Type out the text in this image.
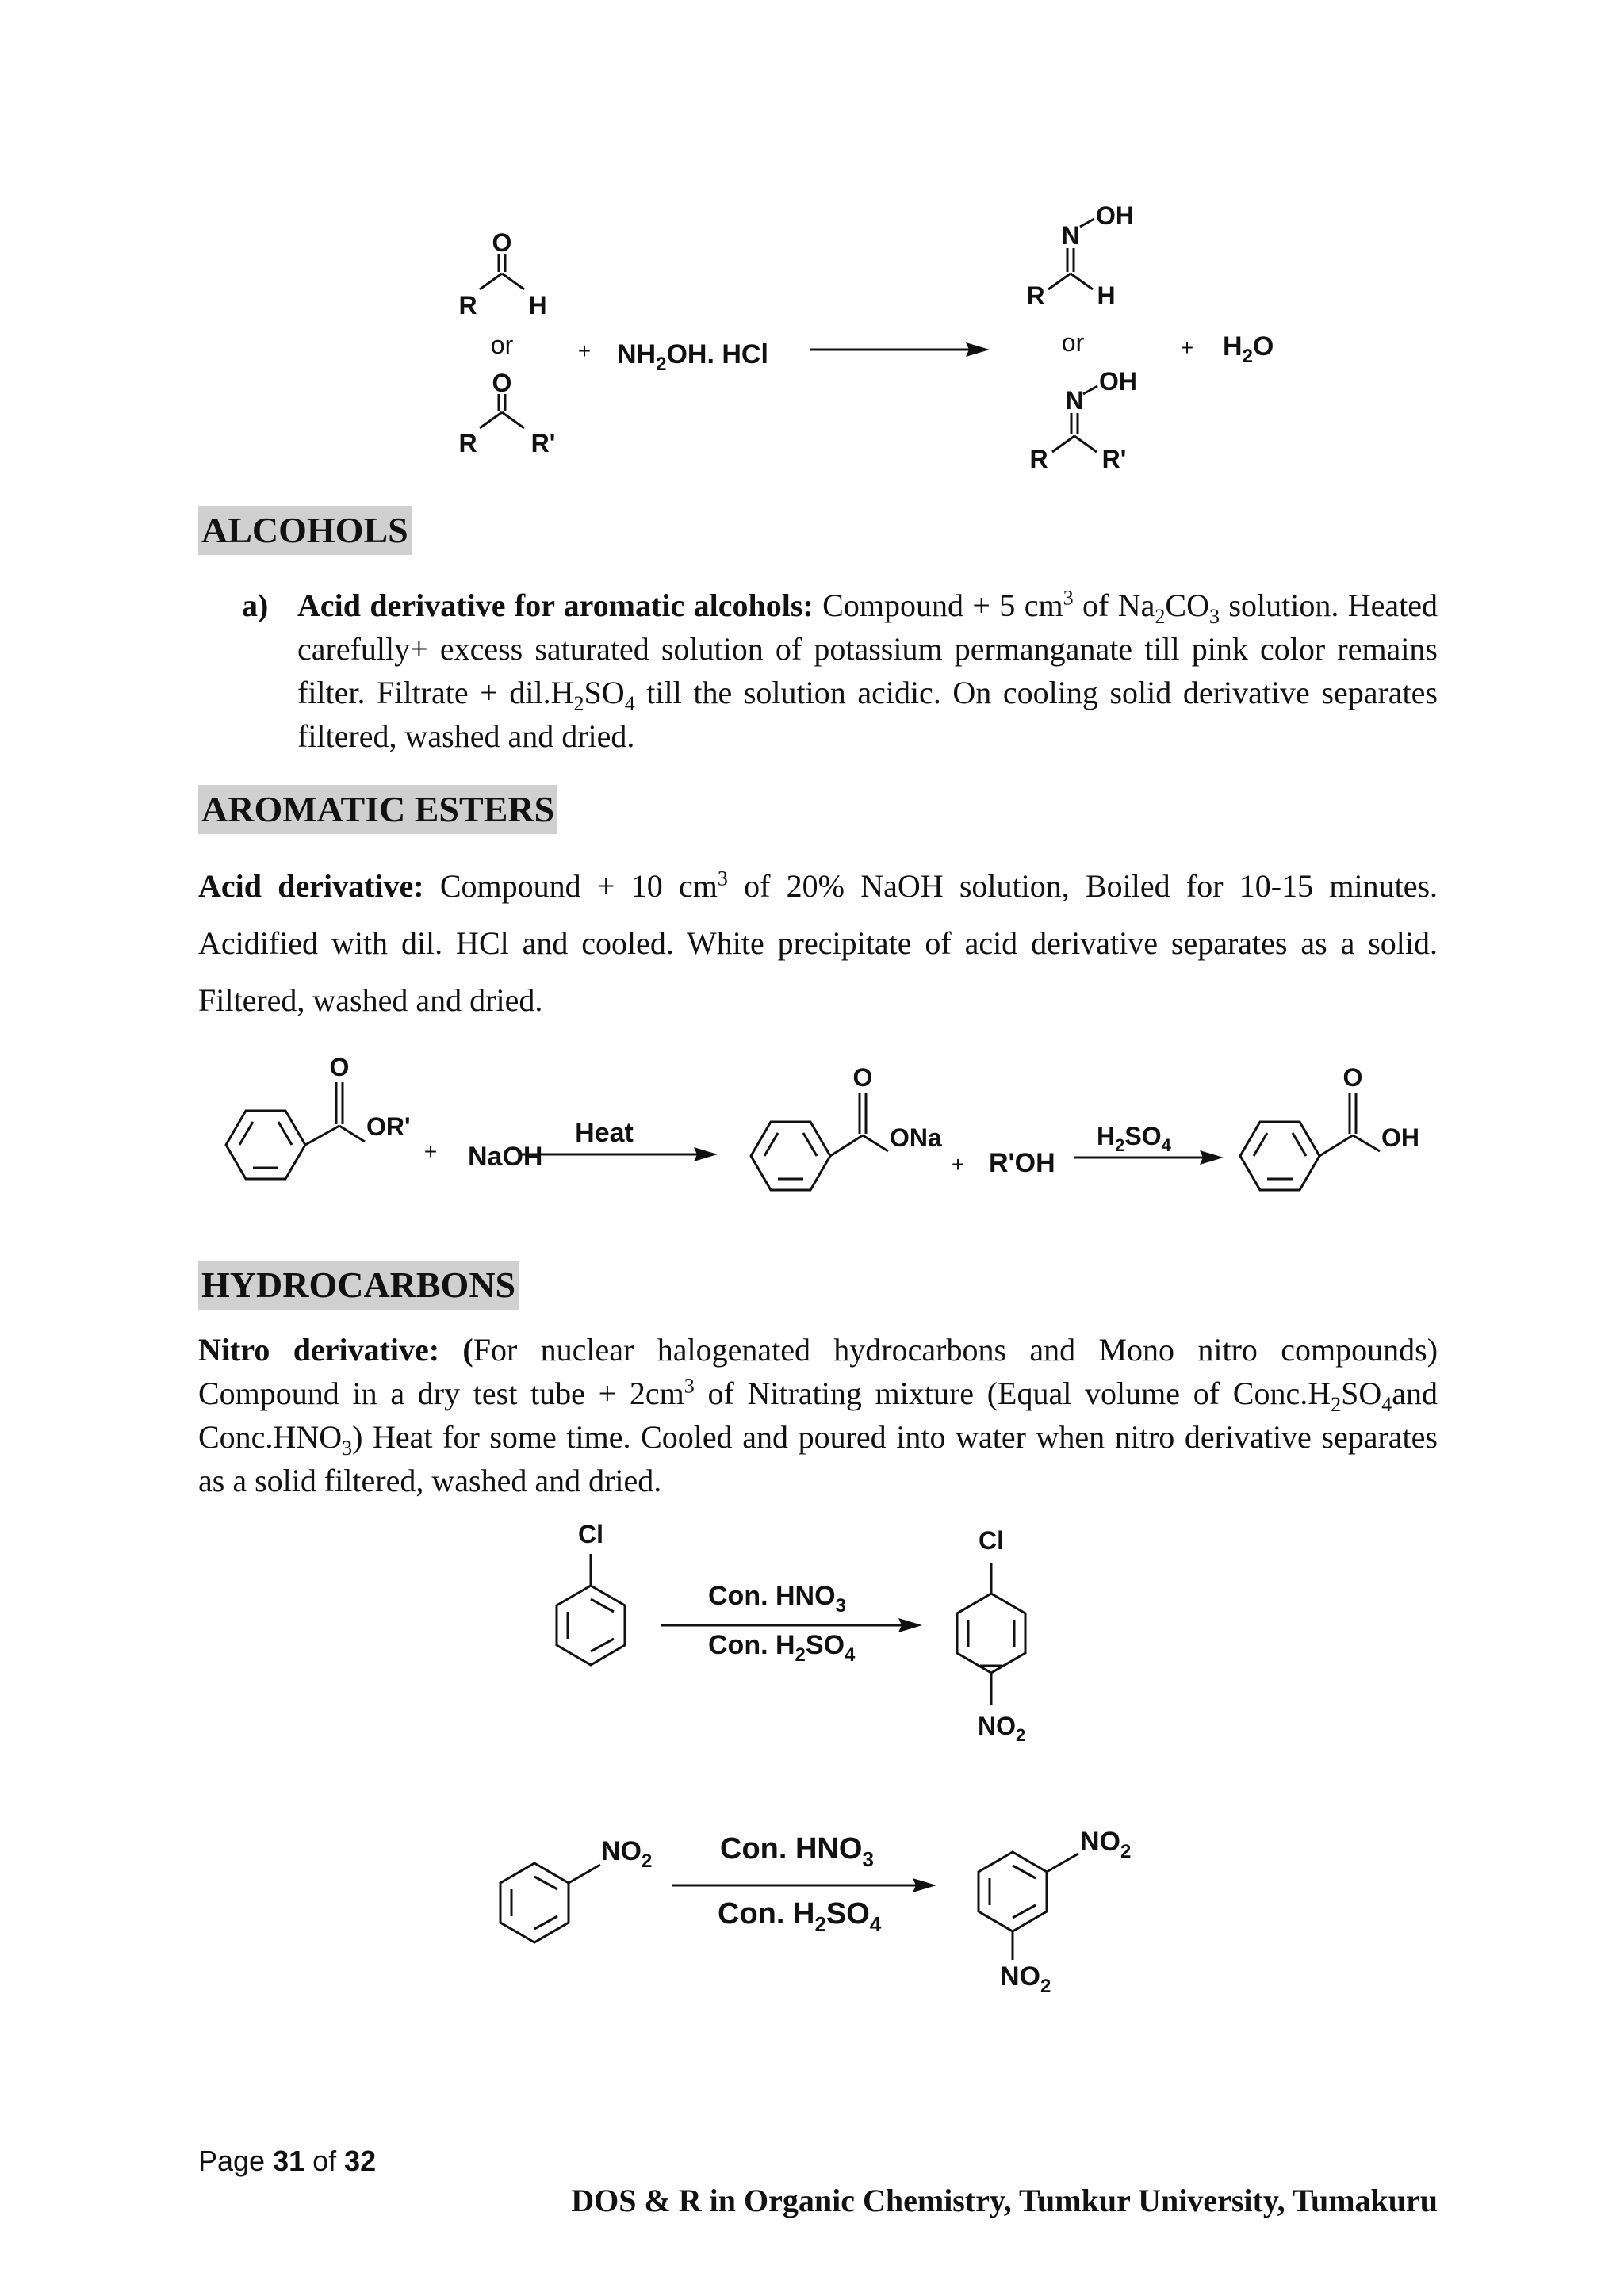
O
R H
or
O
R R'
+ $NH_2OH$. HCl
N
OH
R H
or
N
OH
R R'
+ $H_2O$
ALCOHOLS
a) Acid derivative for aromatic alcohols: Compound + 5 $cm^3$ of $Na_2CO_3$ solution. Heated carefully+ excess saturated solution of potassium permanganate till pink color remains filter. Filtrate + $dil.H_2SO_4$ till the solution acidic. On cooling solid derivative separates filtered, washed and dried.
AROMATIC ESTERS
Acid derivative: Compound + 10 $cm^3$ of 20% NaOH solution, Boiled for 10-15 minutes. Acidified with dil. HCl and cooled. White precipitate of acid derivative separates as a solid. Filtered, washed and dried.
O
OR'
+ NaOH
Heat
O
ONa
+ R'OH
$H_2SO_4$
O
OH
HYDROCARBONS
Nitro derivative: (For nuclear halogenated hydrocarbons and Mono nitro compounds) Compound in a dry test tube + $2cm^3$ of Nitrating mixture (Equal volume of $Conc.H_2SO_4and$ $Conc.HNO_3$) Heat for some time. Cooled and poured into water when nitro derivative separates as a solid filtered, washed and dried.
Cl
Con. $HNO_3$
Con. $H_2SO_4$
Cl
$NO_2$
$NO_2$ Con. $HNO_3$
Con. $H_2SO_4$
$NO_2$
$NO_2$
Page 31 of 32
DOS & R in Organic Chemistry, Tumkur University, Tumakuru
